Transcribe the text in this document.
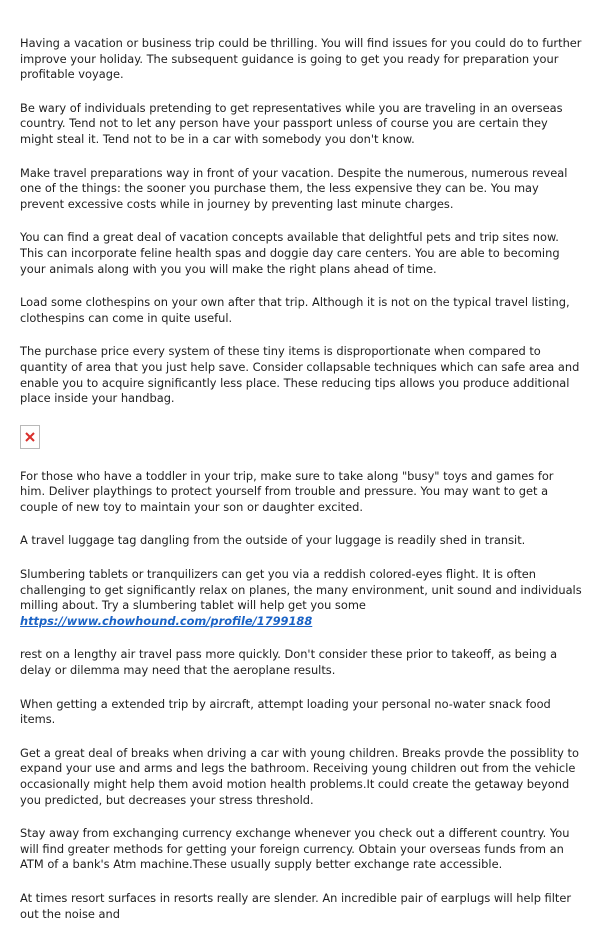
Having a vacation or business trip could be thrilling. You will find issues for you could do to further improve your holiday. The subsequent guidance is going to get you ready for preparation your profitable voyage.

Be wary of individuals pretending to get representatives while you are traveling in an overseas country. Tend not to let any person have your passport unless of course you are certain they might steal it. Tend not to be in a car with somebody you don't know.

Make travel preparations way in front of your vacation. Despite the numerous, numerous reveal one of the things: the sooner you purchase them, the less expensive they can be. You may prevent excessive costs while in journey by preventing last minute charges.

You can find a great deal of vacation concepts available that delightful pets and trip sites now. This can incorporate feline health spas and doggie day care centers. You are able to becoming your animals along with you you will make the right plans ahead of time.

Load some clothespins on your own after that trip. Although it is not on the typical travel listing, clothespins can come in quite useful.

The purchase price every system of these tiny items is disproportionate when compared to quantity of area that you just help save. Consider collapsable techniques which can safe area and enable you to acquire significantly less place. These reducing tips allows you produce additional place inside your handbag.

For those who have a toddler in your trip, make sure to take along "busy" toys and games for him. Deliver playthings to protect yourself from trouble and pressure. You may want to get a couple of new toy to maintain your son or daughter excited.

A travel luggage tag dangling from the outside of your luggage is readily shed in transit.

Slumbering tablets or tranquilizers can get you via a reddish colored-eyes flight. It is often challenging to get significantly relax on planes, the many environment, unit sound and individuals milling about. Try a slumbering tablet will help get you some https://www.chowhound.com/profile/1799188

rest on a lengthy air travel pass more quickly. Don't consider these prior to takeoff, as being a delay or dilemma may need that the aeroplane results.

When getting a extended trip by aircraft, attempt loading your personal no-water snack food items.

Get a great deal of breaks when driving a car with young children. Breaks provde the possiblity to expand your use and arms and legs the bathroom. Receiving young children out from the vehicle occasionally might help them avoid motion health problems.It could create the getaway beyond you predicted, but decreases your stress threshold.

Stay away from exchanging currency exchange whenever you check out a different country. You will find greater methods for getting your foreign currency. Obtain your overseas funds from an ATM of a bank's Atm machine.These usually supply better exchange rate accessible.

At times resort surfaces in resorts really are slender. An incredible pair of earplugs will help filter out the noise and
